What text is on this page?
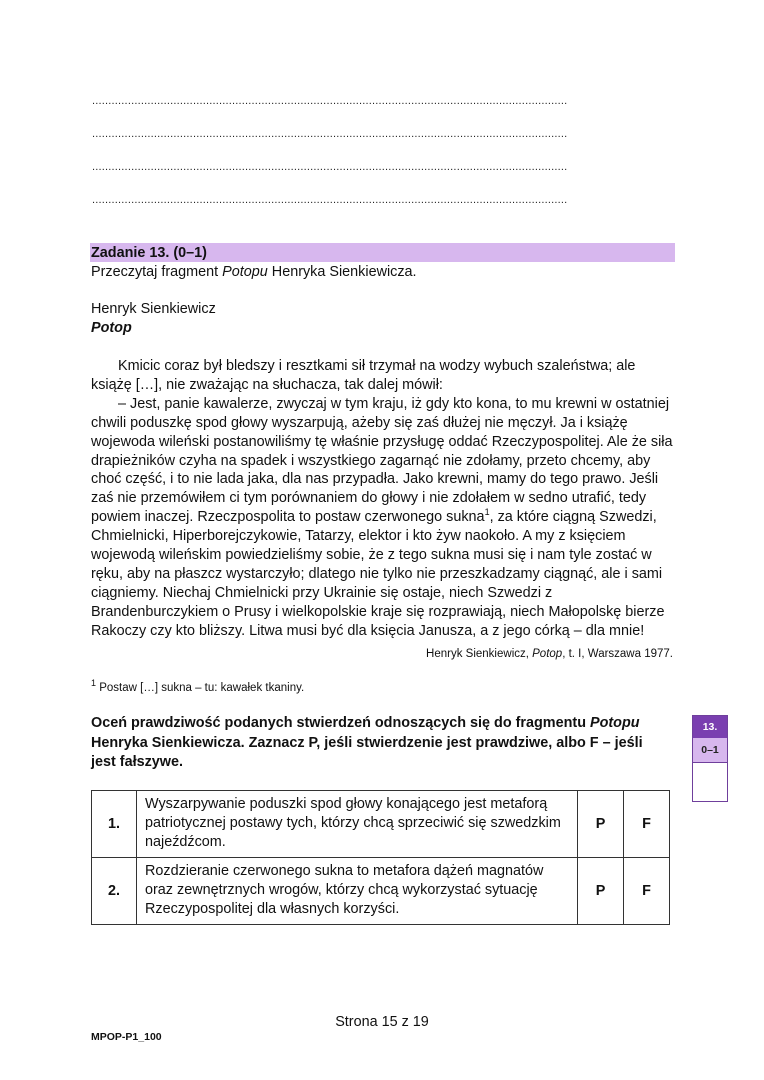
..................................................................................................................................................
..................................................................................................................................................
..................................................................................................................................................
..................................................................................................................................................
Zadanie 13. (0–1)
Przeczytaj fragment Potopu Henryka Sienkiewicza.
Henryk Sienkiewicz
Potop

Kmicic coraz był bledszy i resztkami sił trzymał na wodzy wybuch szaleństwa; ale książę […], nie zważając na słuchacza, tak dalej mówił:

– Jest, panie kawalerze, zwyczaj w tym kraju, iż gdy kto kona, to mu krewni w ostatniej chwili poduszkę spod głowy wyszarpują, ażeby się zaś dłużej nie męczył. Ja i książę wojewoda wileński postanowiliśmy tę właśnie przysługę oddać Rzeczypospolitej. Ale że siła drapieżników czyha na spadek i wszystkiego zagarnąć nie zdołamy, przeto chcemy, aby choć część, i to nie lada jaka, dla nas przypadła. Jako krewni, mamy do tego prawo. Jeśli zaś nie przemówiłem ci tym porównaniem do głowy i nie zdołałem w sedno utrafić, tedy powiem inaczej. Rzeczpospolita to postaw czerwonego sukna$^1$, za które ciągną Szwedzi, Chmielnicki, Hiperborejczykowie, Tatarzy, elektor i kto żyw naokoło. A my z księciem wojewodą wileńskim powiedzieliśmy sobie, że z tego sukna musi się i nam tyle zostać w ręku, aby na płaszcz wystarczyło; dlatego nie tylko nie przeszkadzamy ciągnąć, ale i sami ciągniemy. Niechaj Chmielnicki przy Ukrainie się ostaje, niech Szwedzi z Brandenburczykiem o Prusy i wielkopolskie kraje się rozprawiają, niech Małopolskę bierze Rakoczy czy kto bliższy. Litwa musi być dla księcia Janusza, a z jego córką – dla mnie!

Henryk Sienkiewicz, Potop, t. I, Warszawa 1977.
$^1$ Postaw […] sukna – tu: kawałek tkaniny.
Oceń prawdziwość podanych stwierdzeń odnoszących się do fragmentu Potopu Henryka Sienkiewicza. Zaznacz P, jeśli stwierdzenie jest prawdziwe, albo F – jeśli jest fałszywe.
13.
0–1
1.	Wyszarpywanie poduszki spod głowy konającego jest metaforą patriotycznej postawy tych, którzy chcą sprzeciwić się szwedzkim najeźdźcom.	P	F
2.	Rozdzieranie czerwonego sukna to metafora dążeń magnatów oraz zewnętrznych wrogów, którzy chcą wykorzystać sytuację Rzeczypospolitej dla własnych korzyści.	P	F
Strona 15 z 19
MPOP-P1_100
